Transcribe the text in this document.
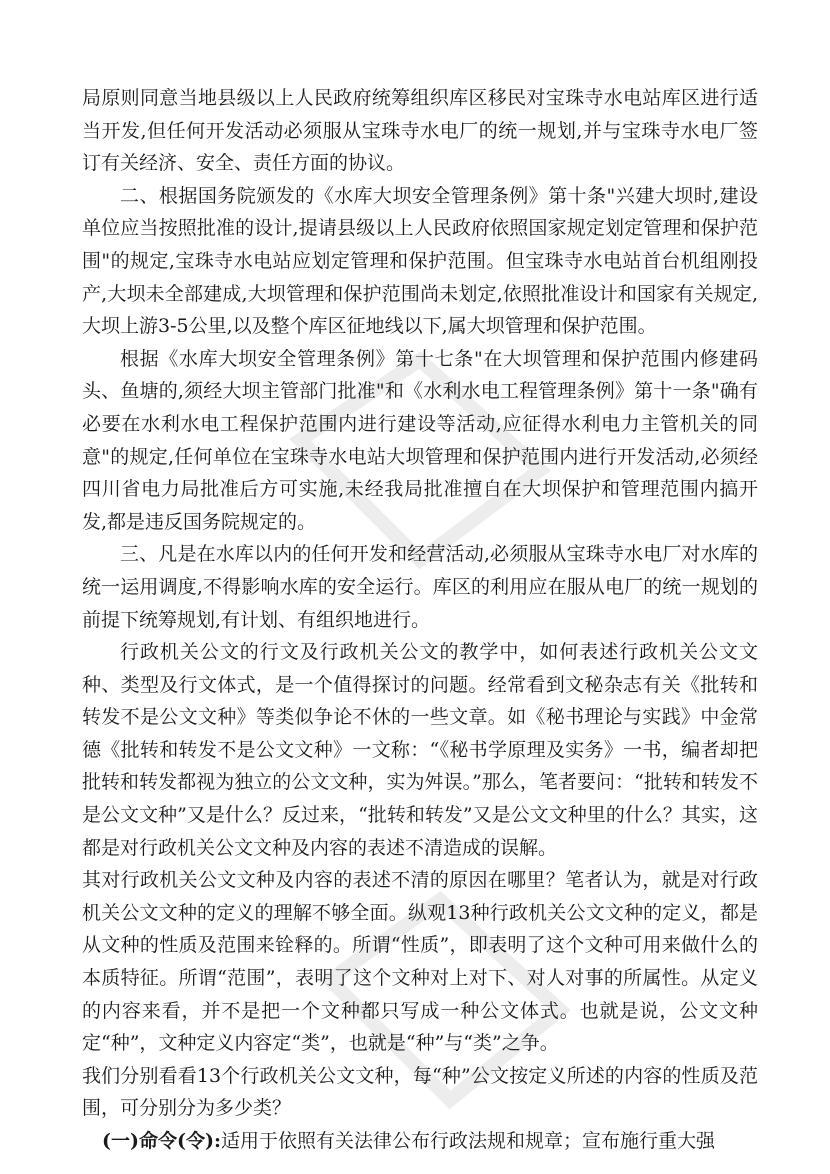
局原则同意当地县级以上人民政府统筹组织库区移民对宝珠寺水电站库区进行适当开发,但任何开发活动必须服从宝珠寺水电厂的统一规划,并与宝珠寺水电厂签订有关经济、安全、责任方面的协议。

二、根据国务院颁发的《水库大坝安全管理条例》第十条"兴建大坝时,建设单位应当按照批准的设计,提请县级以上人民政府依照国家规定划定管理和保护范围"的规定,宝珠寺水电站应划定管理和保护范围。但宝珠寺水电站首台机组刚投产,大坝未全部建成,大坝管理和保护范围尚未划定,依照批准设计和国家有关规定,大坝上游3-5公里,以及整个库区征地线以下,属大坝管理和保护范围。

根据《水库大坝安全管理条例》第十七条"在大坝管理和保护范围内修建码头、鱼塘的,须经大坝主管部门批准"和《水利水电工程管理条例》第十一条"确有必要在水利水电工程保护范围内进行建设等活动,应征得水利电力主管机关的同意"的规定,任何单位在宝珠寺水电站大坝管理和保护范围内进行开发活动,必须经四川省电力局批准后方可实施,未经我局批准擅自在大坝保护和管理范围内搞开发,都是违反国务院规定的。

三、凡是在水库以内的任何开发和经营活动,必须服从宝珠寺水电厂对水库的统一运用调度,不得影响水库的安全运行。库区的利用应在服从电厂的统一规划的前提下统筹规划,有计划、有组织地进行。

行政机关公文的行文及行政机关公文的教学中，如何表述行政机关公文文种、类型及行文体式，是一个值得探讨的问题。经常看到文秘杂志有关《批转和转发不是公文文种》等类似争论不休的一些文章。如《秘书理论与实践》中金常德《批转和转发不是公文文种》一文称：“《秘书学原理及实务》一书，编者却把批转和转发都视为独立的公文文种，实为舛误。”那么，笔者要问：“批转和转发不是公文文种”又是什么？反过来，“批转和转发”又是公文文种里的什么？其实，这都是对行政机关公文文种及内容的表述不清造成的误解。

其对行政机关公文文种及内容的表述不清的原因在哪里？笔者认为，就是对行政机关公文文种的定义的理解不够全面。纵观13种行政机关公文文种的定义，都是从文种的性质及范围来铨释的。所谓“性质”，即表明了这个文种可用来做什么的本质特征。所谓“范围”，表明了这个文种对上对下、对人对事的所属性。从定义的内容来看，并不是把一个文种都只写成一种公文体式。也就是说，公文文种定“种”，文种定义内容定“类”，也就是“种”与“类”之争。

我们分别看看13个行政机关公文文种，每“种”公文按定义所述的内容的性质及范围，可分别分为多少类？

(一)命令(令):适用于依照有关法律公布行政法规和规章；宣布施行重大强
